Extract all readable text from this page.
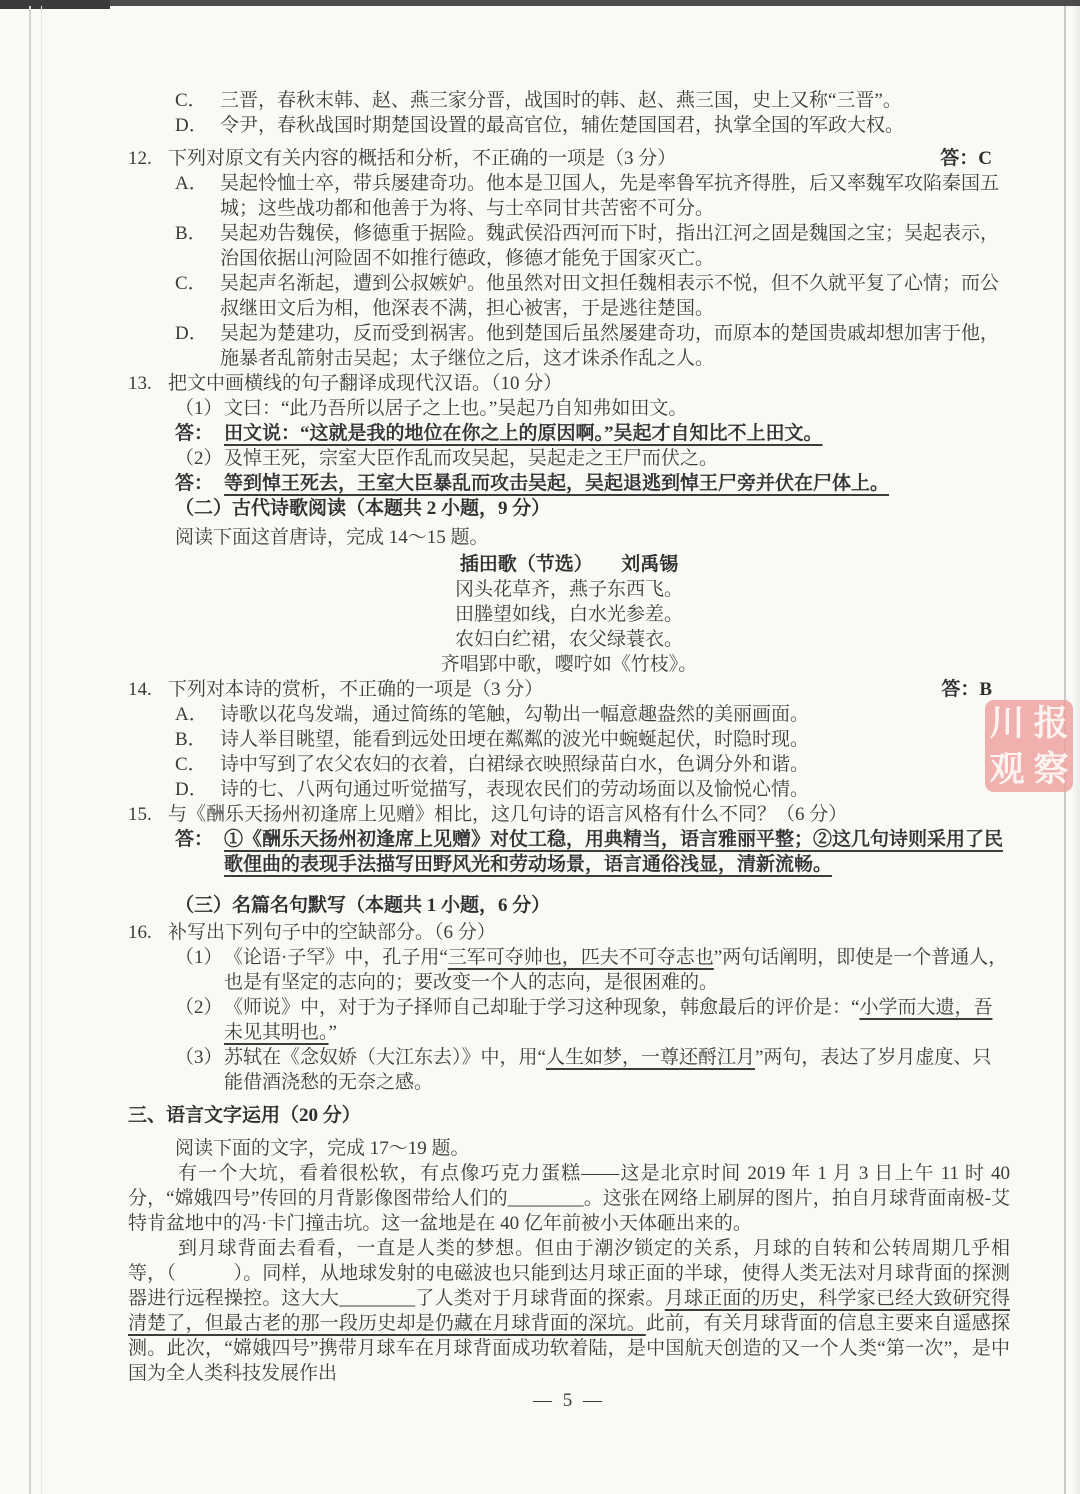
C． 三晋，春秋末韩、赵、燕三家分晋，战国时的韩、赵、燕三国，史上又称“三晋”。
D． 令尹，春秋战国时期楚国设置的最高官位，辅佐楚国国君，执掌全国的军政大权。
12. 下列对原文有关内容的概括和分析，不正确的一项是（3 分）	答：C
A． 吴起怜恤士卒，带兵屡建奇功。他本是卫国人，先是率鲁军抗齐得胜，后又率魏军攻陷秦国五城；这些战功都和他善于为将、与士卒同甘共苦密不可分。
B． 吴起劝告魏侯，修德重于据险。魏武侯沿西河而下时，指出江河之固是魏国之宝；吴起表示，治国依据山河险固不如推行德政，修德才能免于国家灭亡。
C． 吴起声名渐起，遭到公叔嫉妒。他虽然对田文担任魏相表示不悦，但不久就平复了心情；而公叔继田文后为相，他深表不满，担心被害，于是逃往楚国。
D． 吴起为楚建功，反而受到祸害。他到楚国后虽然屡建奇功，而原本的楚国贵戚却想加害于他，施暴者乱箭射击吴起；太子继位之后，这才诛杀作乱之人。
13. 把文中画横线的句子翻译成现代汉语。（10 分）
（1）文曰：“此乃吾所以居子之上也。”吴起乃自知弗如田文。
答： 田文说：“这就是我的地位在你之上的原因啊。”吴起才自知比不上田文。
（2）及悼王死，宗室大臣作乱而攻吴起，吴起走之王尸而伏之。
答： 等到悼王死去，王室大臣暴乱而攻击吴起，吴起退逃到悼王尸旁并伏在尸体上。
（二）古代诗歌阅读（本题共 2 小题，9 分）
阅读下面这首唐诗，完成 14～15 题。
插田歌（节选）　　刘禹锡
冈头花草齐，燕子东西飞。
田塍望如线，白水光参差。
农妇白纻裙，农父绿蓑衣。
齐唱郢中歌，嘤咛如《竹枝》。
14. 下列对本诗的赏析，不正确的一项是（3 分）	答：B
A． 诗歌以花鸟发端，通过简练的笔触，勾勒出一幅意趣盎然的美丽画面。
B． 诗人举目眺望，能看到远处田埂在粼粼的波光中蜿蜒起伏，时隐时现。
C． 诗中写到了农父农妇的衣着，白裙绿衣映照绿苗白水，色调分外和谐。
D． 诗的七、八两句通过听觉描写，表现农民们的劳动场面以及愉悦心情。
15. 与《酬乐天扬州初逢席上见赠》相比，这几句诗的语言风格有什么不同？（6 分）
答： ①《酬乐天扬州初逢席上见赠》对仗工稳，用典精当，语言雅丽平整；②这几句诗则采用了民歌俚曲的表现手法描写田野风光和劳动场景，语言通俗浅显，清新流畅。
（三）名篇名句默写（本题共 1 小题，6 分）
16. 补写出下列句子中的空缺部分。（6 分）
（1）《论语·子罕》中，孔子用“三军可夺帅也，匹夫不可夺志也”两句话阐明，即使是一个普通人，也是有坚定的志向的；要改变一个人的志向，是很困难的。
（2）《师说》中，对于为子择师自己却耻于学习这种现象，韩愈最后的评价是：“小学而大遗，吾未见其明也。”
（3）苏轼在《念奴娇（大江东去）》中，用“人生如梦，一尊还酹江月”两句，表达了岁月虚度、只能借酒浇愁的无奈之感。
三、语言文字运用（20 分）
阅读下面的文字，完成 17～19 题。
有一个大坑，看着很松软，有点像巧克力蛋糕——这是北京时间 2019 年 1 月 3 日上午 11 时 40 分，“嫦娥四号”传回的月背影像图带给人们的________。这张在网络上刷屏的图片，拍自月球背面南极-艾特肯盆地中的冯·卡门撞击坑。这一盆地是在 40 亿年前被小天体砸出来的。
到月球背面去看看，一直是人类的梦想。但由于潮汐锁定的关系，月球的自转和公转周期几乎相等，（　　　）。同样，从地球发射的电磁波也只能到达月球正面的半球，使得人类无法对月球背面的探测器进行远程操控。这大大________了人类对于月球背面的探索。月球正面的历史，科学家已经大致研究得清楚了，但最古老的那一段历史却是仍藏在月球背面的深坑。此前，有关月球背面的信息主要来自遥感探测。此次，“嫦娥四号”携带月球车在月球背面成功软着陆，是中国航天创造的又一个人类“第一次”，是中国为全人类科技发展作出
— 5 —
川 报
观 察
